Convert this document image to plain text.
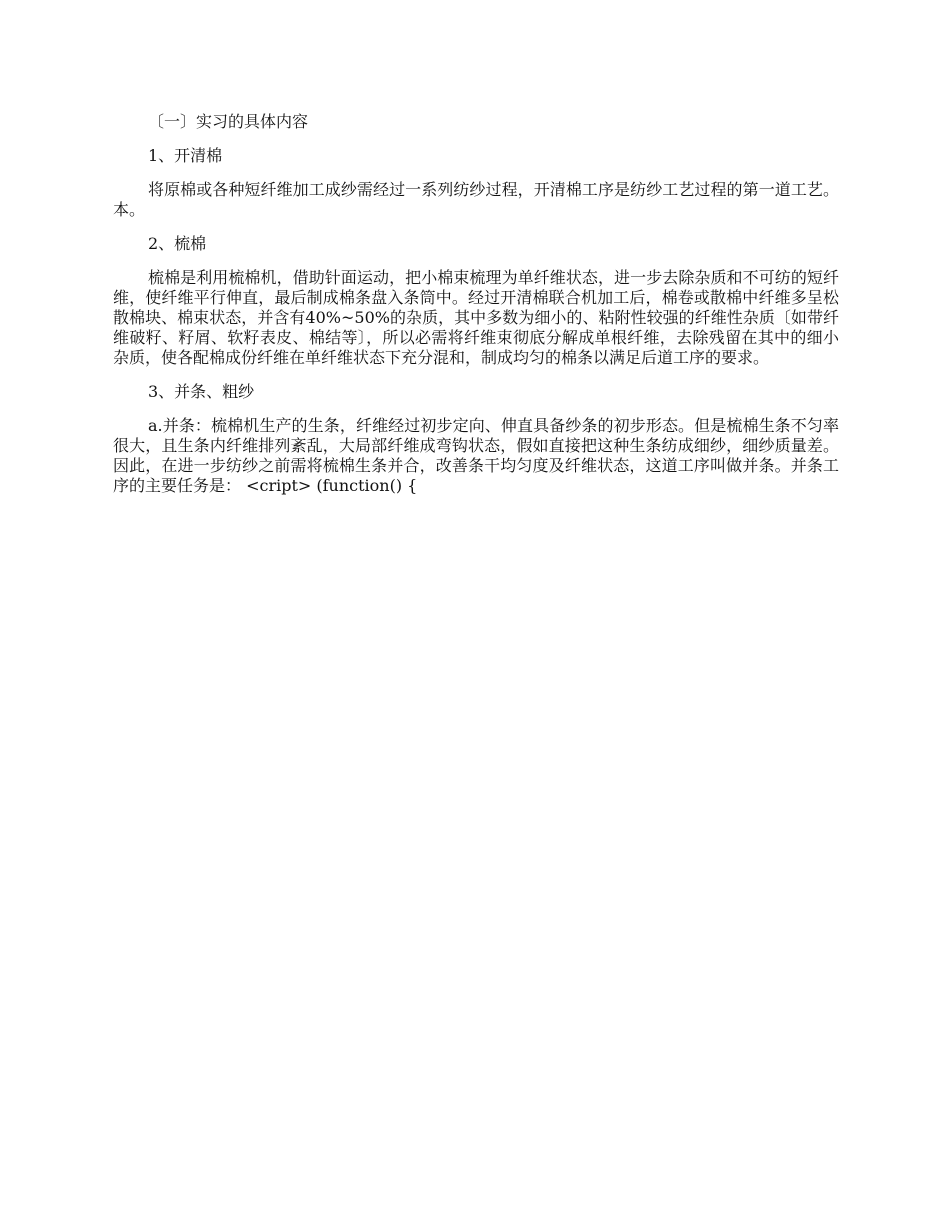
〔一〕实习的具体内容

1、开清棉

将原棉或各种短纤维加工成纱需经过一系列纺纱过程，开清棉工序是纺纱工艺过程的第一道工艺。本。

2、梳棉

梳棉是利用梳棉机，借助针面运动，把小棉束梳理为单纤维状态，进一步去除杂质和不可纺的短纤维，使纤维平行伸直，最后制成棉条盘入条筒中。经过开清棉联合机加工后，棉卷或散棉中纤维多呈松散棉块、棉束状态，并含有40%~50%的杂质，其中多数为细小的、粘附性较强的纤维性杂质〔如带纤维破籽、籽屑、软籽表皮、棉结等〕，所以必需将纤维束彻底分解成单根纤维，去除残留在其中的细小杂质，使各配棉成份纤维在单纤维状态下充分混和，制成均匀的棉条以满足后道工序的要求。

3、并条、粗纱

a.并条：梳棉机生产的生条，纤维经过初步定向、伸直具备纱条的初步形态。但是梳棉生条不匀率很大，且生条内纤维排列紊乱，大局部纤维成弯钩状态，假如直接把这种生条纺成细纱，细纱质量差。因此，在进一步纺纱之前需将梳棉生条并合，改善条干均匀度及纤维状态，这道工序叫做并条。并条工序的主要任务是： <cript> (function() {
